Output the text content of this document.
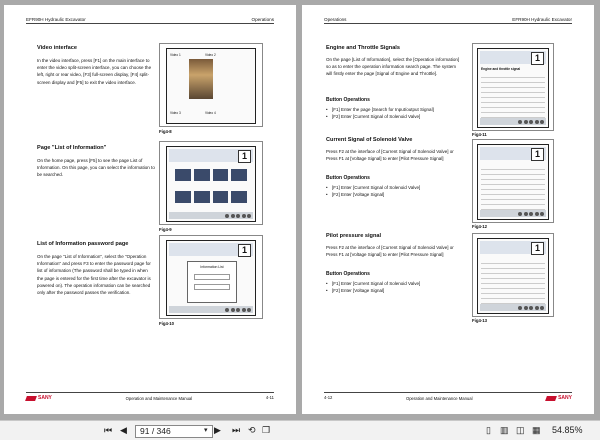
EFR90H Hydraulic Excavator	Operations
Video interface
In the video interface, press [F1] on the main interface to enter the video split-screen interface, you can choose the left, right or rear video, [F3] full-screen display, [F4] split-screen display and [F5] to exit the video interface.
Video 1	Video 2
Video 3	Video 4
Fig4-8
Page "List of Information"
On the home page, press [F5] to see the page List of Information. On this page, you can select the information to be searched.
1
Fig4-9
List of Information password page
On the page "List of Information", select the "Operation Information" and press F3 to enter the password page for list of information (The password shall be typed in when the page is entered for the first time after the excavator is powered on). The operation information can be searched only after the password passes the verification.
1
Information List
Fig4-10
SANY	Operation and Maintenance Manual	4-11
Operations	EFR90H Hydraulic Excavator
Engine and Throttle Signals
On the page [List of Information], select the [Operation information] so as to enter the operation information search page. The system will firstly enter the page [Signal of Engine and Throttle].
Button Operations

• [F1] Enter the page [Search for Input/output Signal]

• [F2] Enter [Current Signal of Solenoid Valve]

1
Engine and throttle signal
Fig4-11
Current Signal of Solenoid Valve
Press F2 at the interface of [Current Signal of Solenoid Valve] or Press F1 at [Voltage Signal] to enter [Pilot Pressure Signal]
Button Operations

• [F1] Enter [Current Signal of Solenoid Valve]

• [F2] Enter [Voltage Signal]

1
Fig4-12
Pilot pressure signal
Press F2 at the interface of [Current Signal of Solenoid Valve] or Press F1 at [Voltage Signal] to enter [Pilot Pressure Signal]
Button Operations

• [F1] Enter [Current Signal of Solenoid Valve]

• [F2] Enter [Voltage Signal]

1
Fig4-13
4-12	Operation and Maintenance Manual	SANY
⏮ ◀	91 / 346	▾ ▶ ⏭ ⟲ ❐	▯ ▥ ◫ ▦ 54.85%
